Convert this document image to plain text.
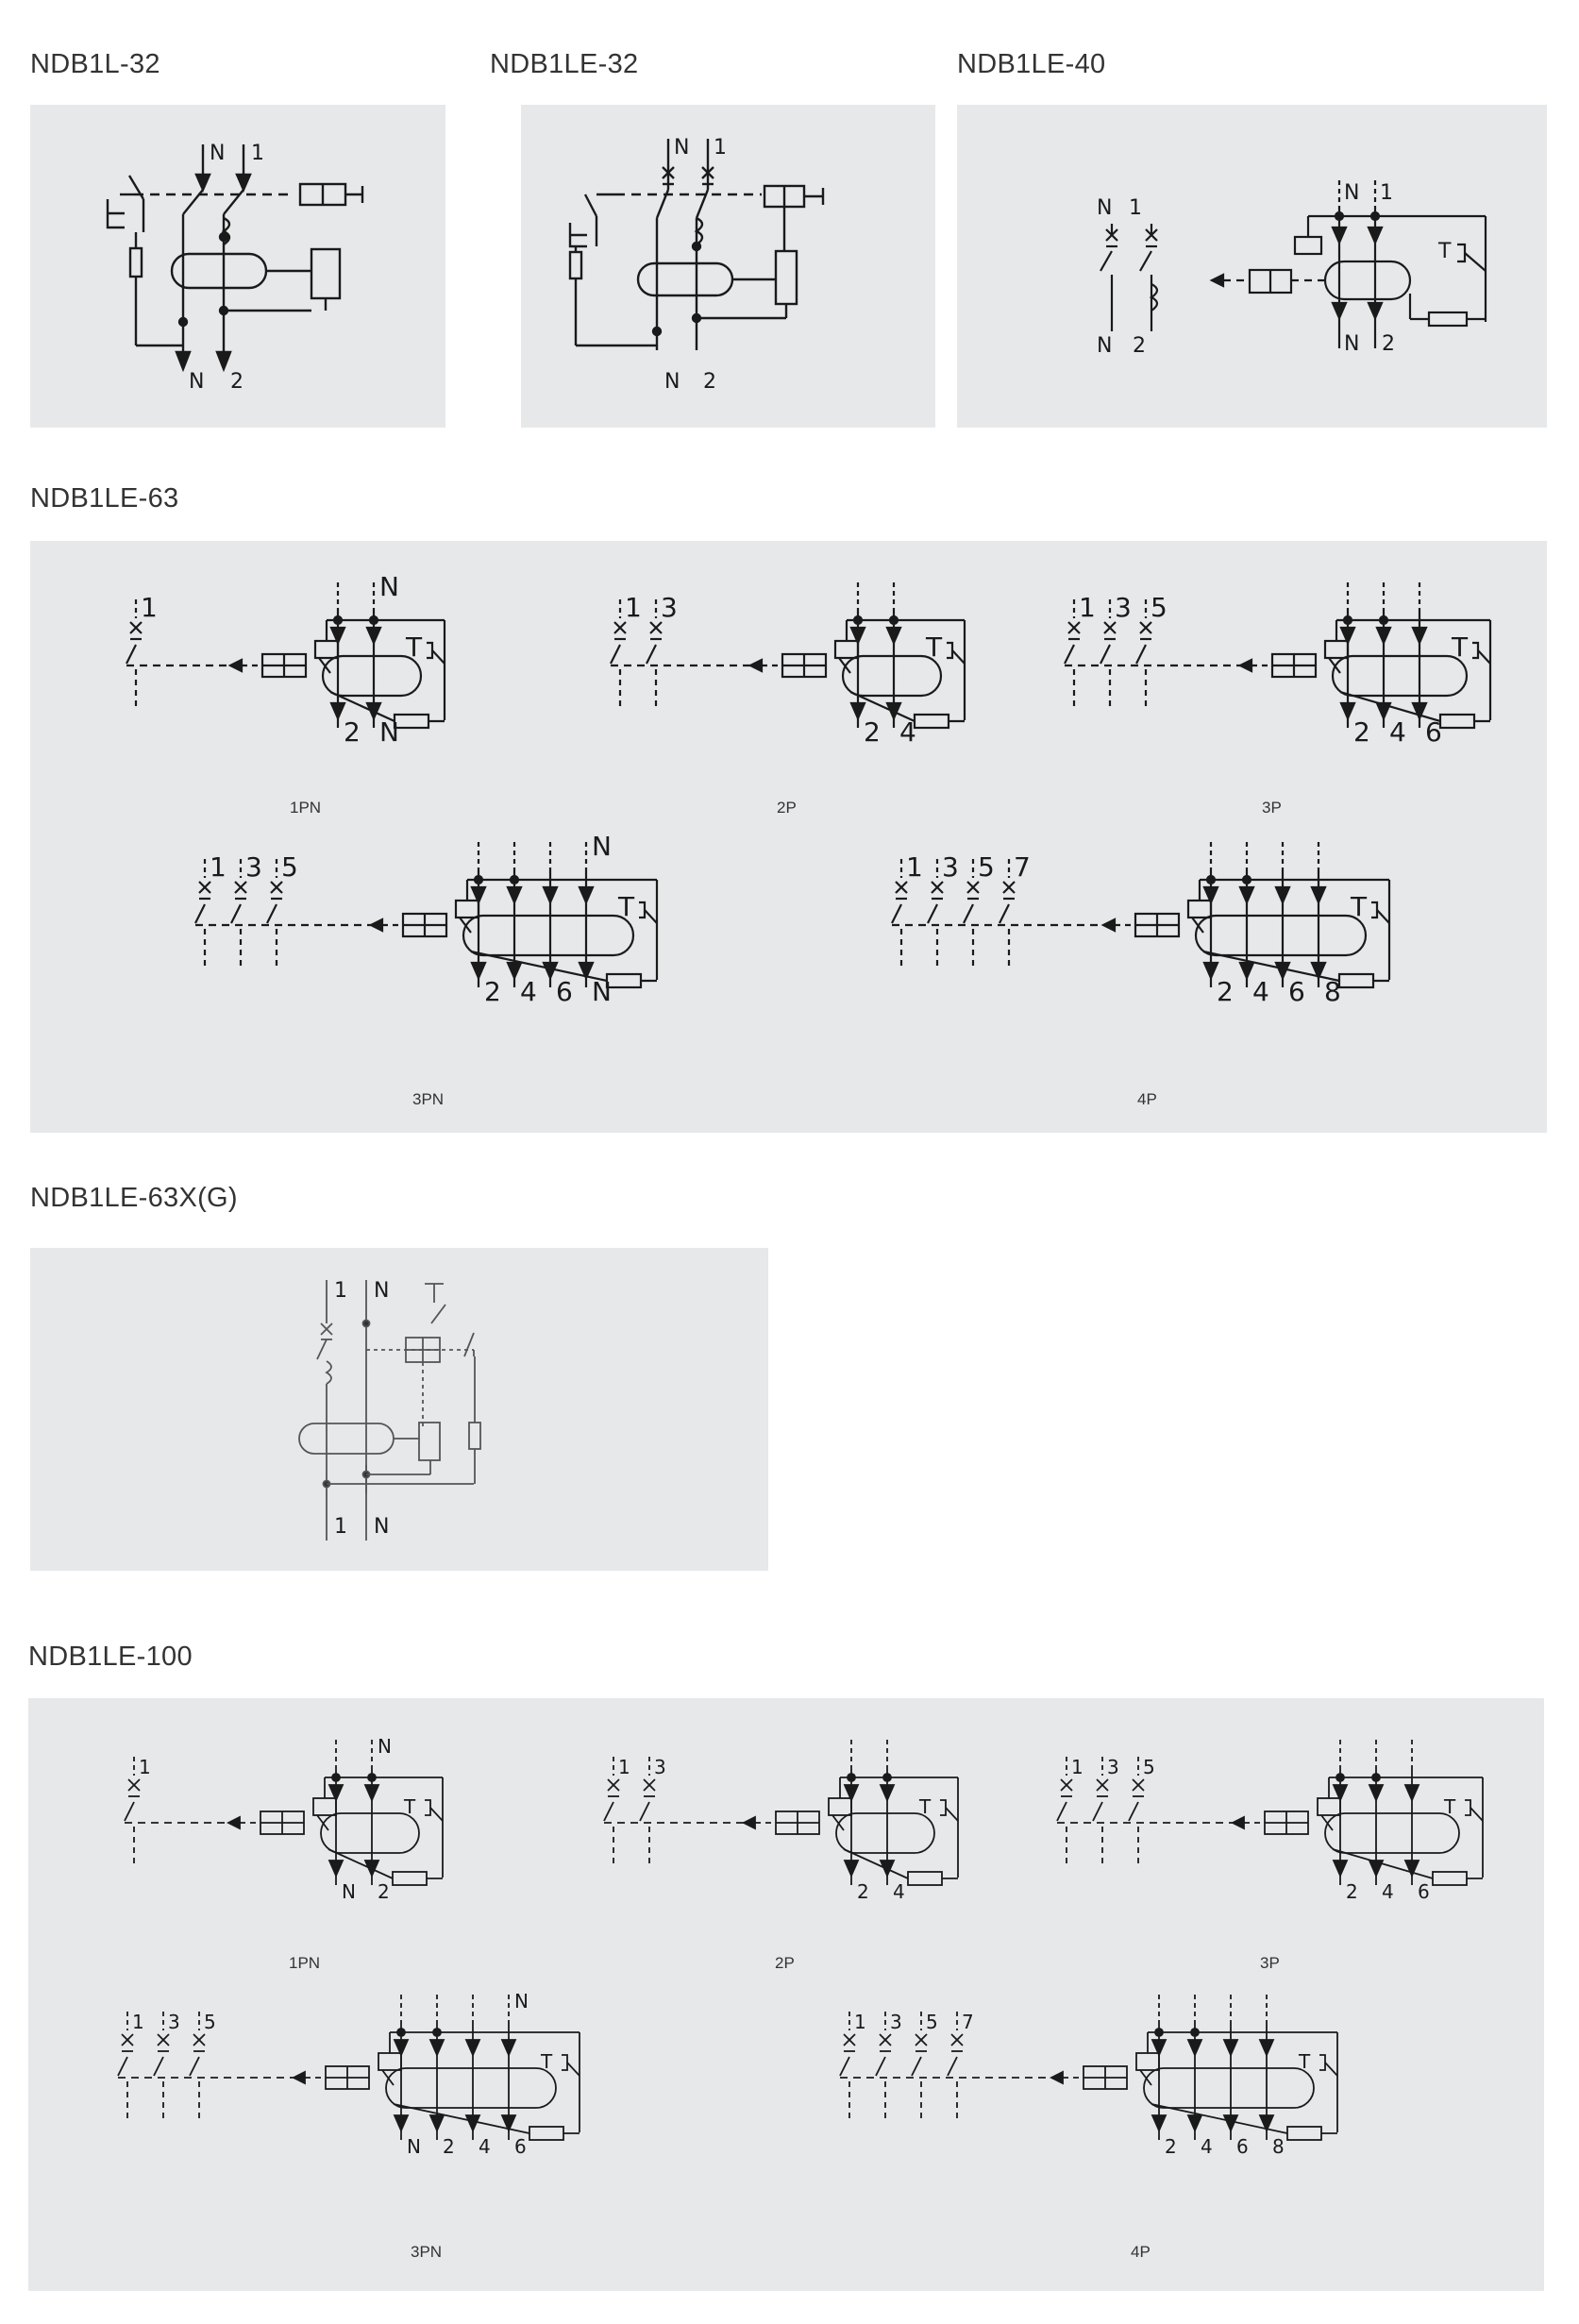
NDB1L-32	NDB1LE-32	NDB1LE-40
NDB1LE-63
NDB1LE-63X(G)
NDB1LE-100
N 1
N 2
N 1
N 2
N 1
N 2
N 1
N 2
T
1
2 N
N
T
1 3
2 4
T
1 3 5
2 4 6
T
1 3 5
2 4 6 N
N
T
1 3 5 7
2 4 6 8
T
1PN	2P	3P
3PN	4P
1 N
1 N
1
N 2
N
T
1 3
2 4
T
1 3 5
2 4 6
T
1 3 5
N 2 4 6
N
T
1 3 5 7
2 4 6 8
T
1PN	2P	3P
3PN	4P
